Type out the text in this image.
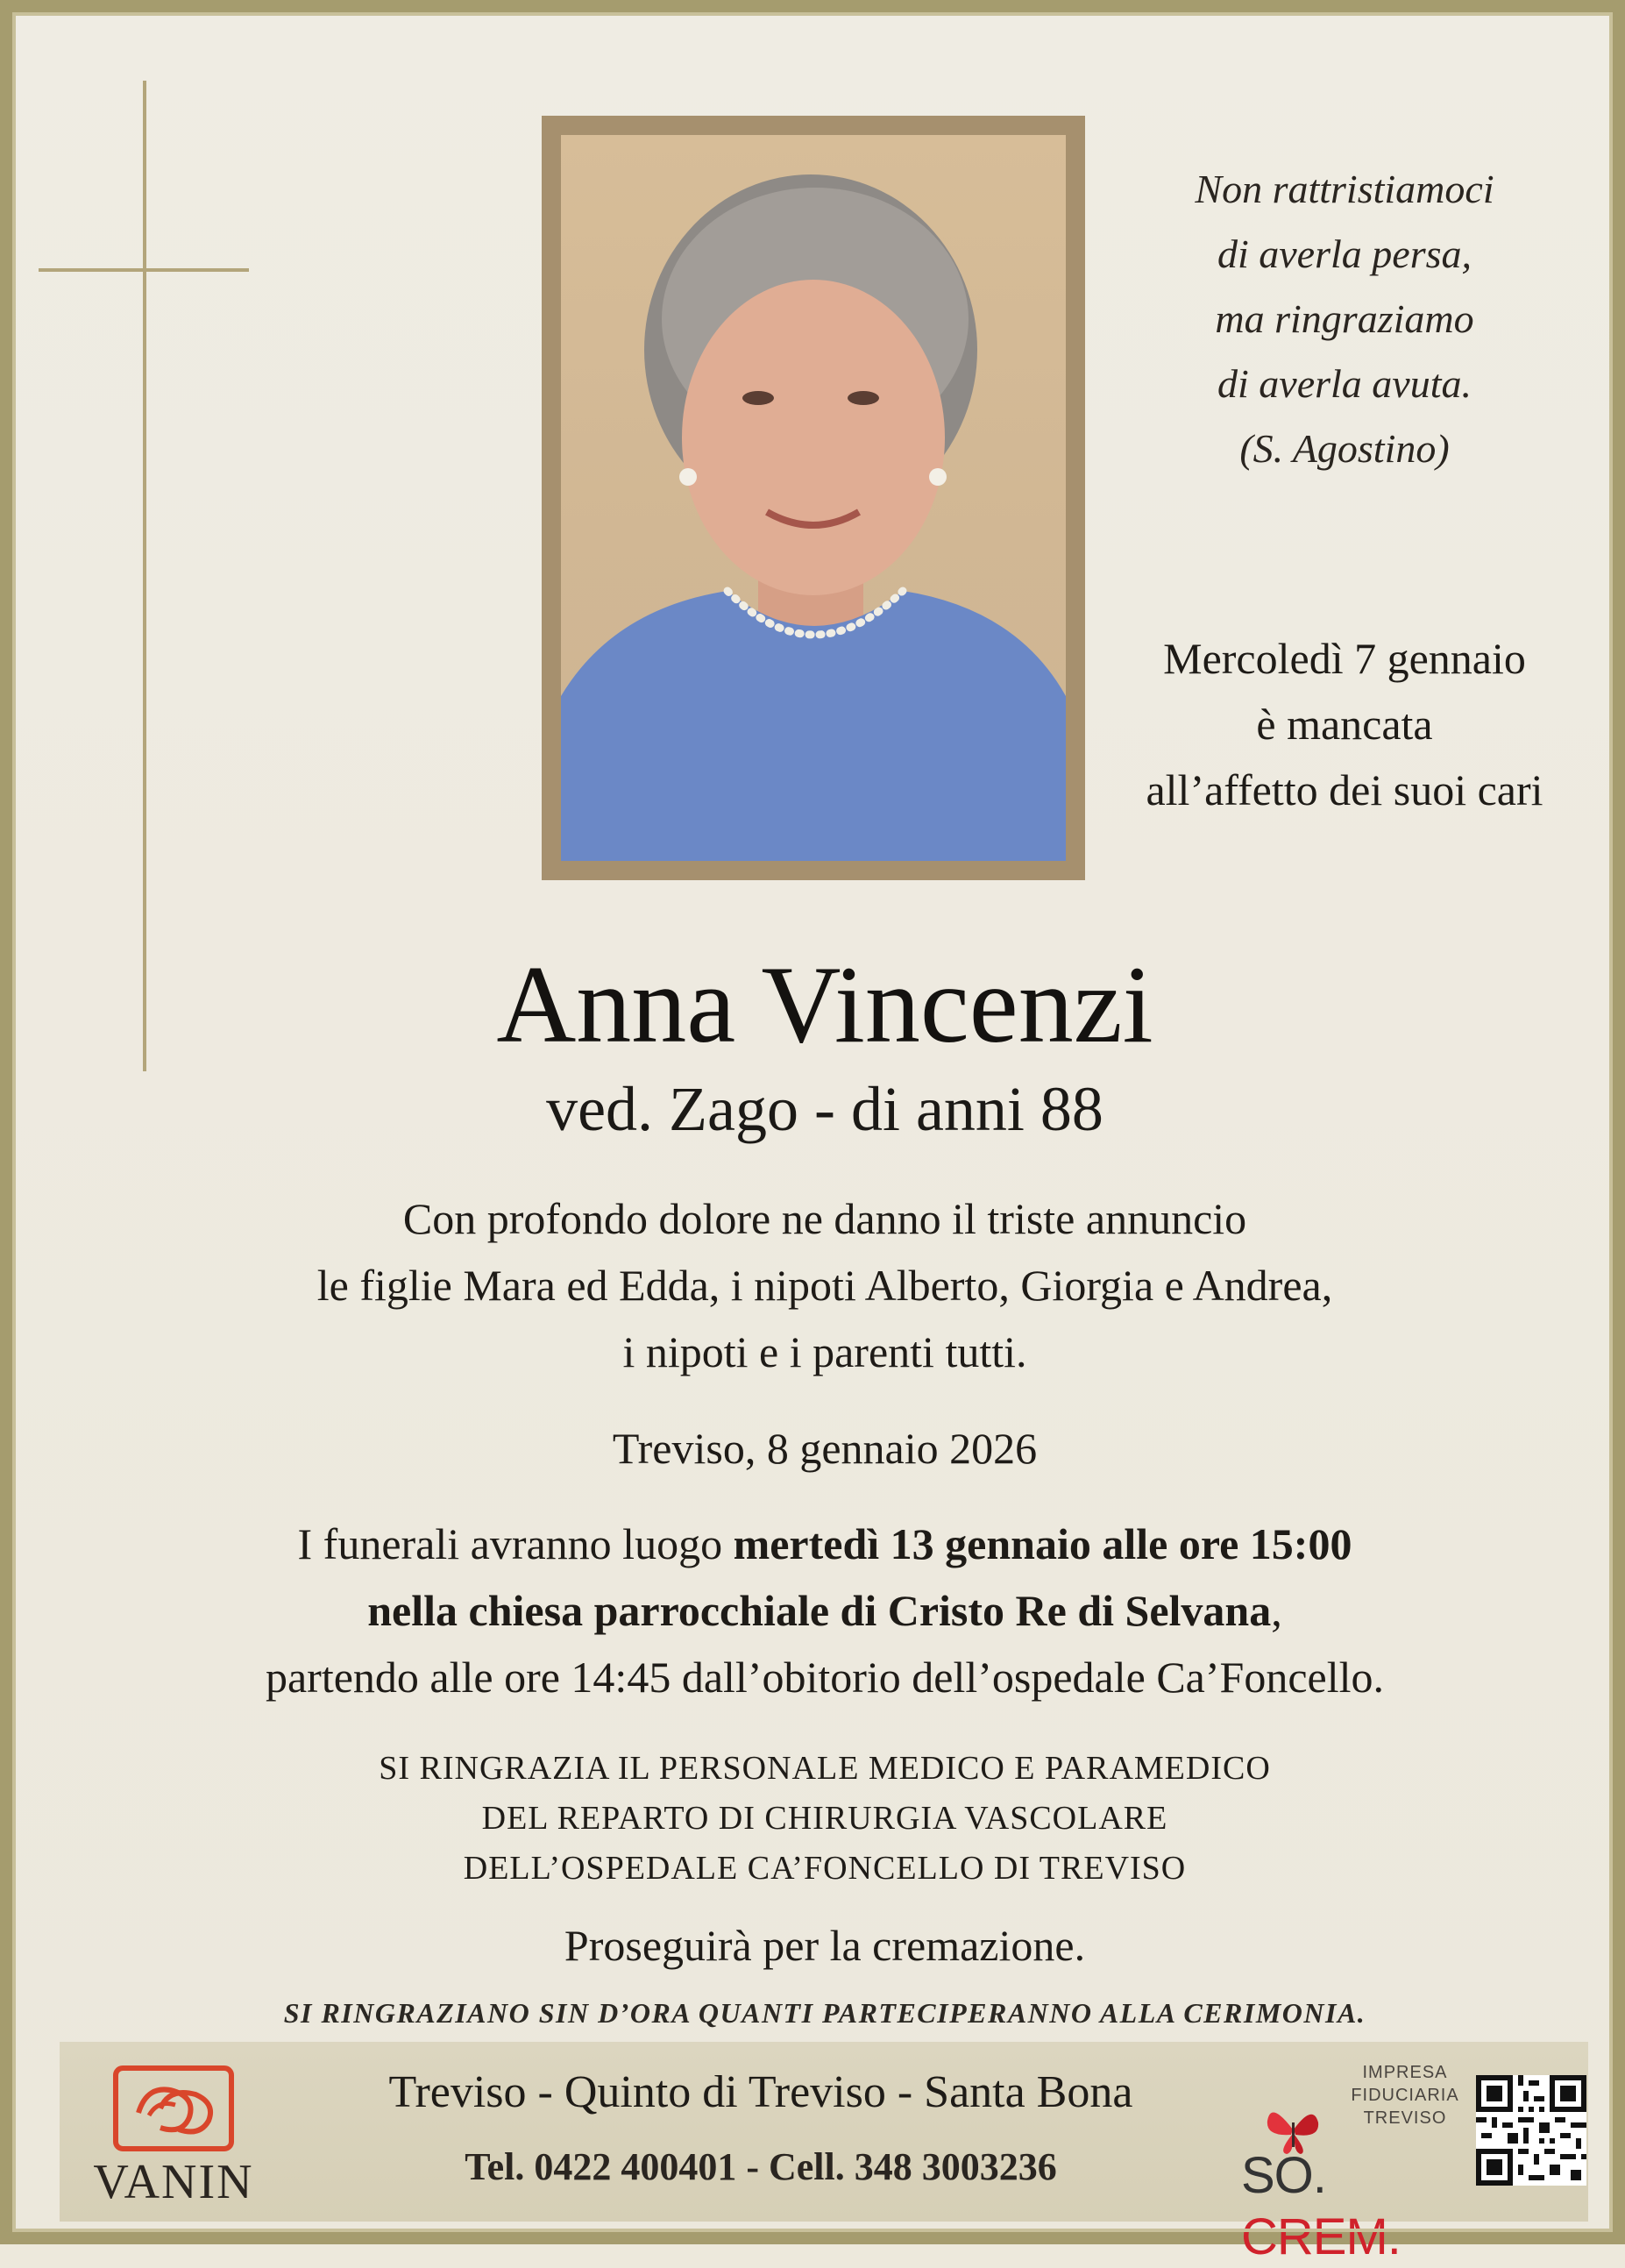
Non rattristiamoci
di averla persa,
ma ringraziamo
di averla avuta.
(S. Agostino)
Mercoledì 7 gennaio
è mancata
all’affetto dei suoi cari
Anna Vincenzi
ved. Zago - di anni 88
Con profondo dolore ne danno il triste annuncio
le figlie Mara ed Edda, i nipoti Alberto, Giorgia e Andrea,
i nipoti e i parenti tutti.
Treviso, 8 gennaio 2026
I funerali avranno luogo mertedì 13 gennaio alle ore 15:00
nella chiesa parrocchiale di Cristo Re di Selvana,
partendo alle ore 14:45 dall’obitorio dell’ospedale Ca’Foncello.
SI RINGRAZIA IL PERSONALE MEDICO E PARAMEDICO
DEL REPARTO DI CHIRURGIA VASCOLARE
DELL’OSPEDALE CA’FONCELLO DI TREVISO
Proseguirà per la cremazione.
SI RINGRAZIANO SIN D’ORA QUANTI PARTECIPERANNO ALLA CERIMONIA.
VANIN
Treviso - Quinto di Treviso - Santa Bona
Tel. 0422 400401 - Cell. 348 3003236
IMPRESA
FIDUCIARIA
TREVISO
SO. CREM.
